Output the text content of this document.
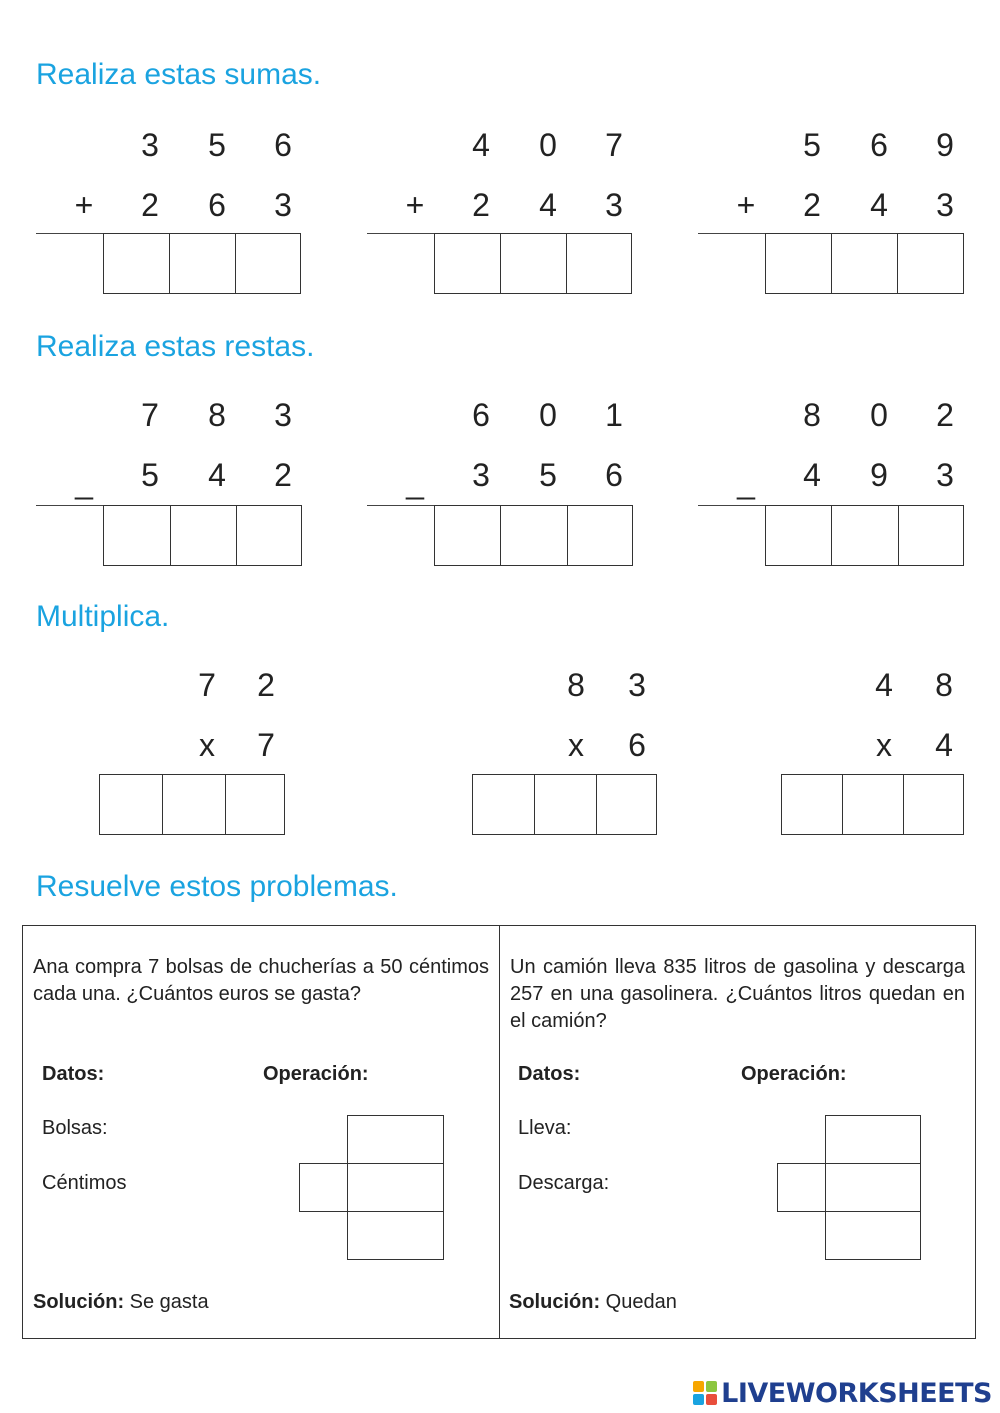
Realiza estas sumas.
Realiza estas restas.
Multiplica.
Resuelve estos problemas.
3	5	6
+	2	6	3
4	0	7
+	2	4	3
5	6	9
+	2	4	3
7	8	3
_	5	4	2
6	0	1
_	3	5	6
8	0	2
_	4	9	3
7	2
x	7
8	3
x	6
4	8
x	4
Ana compra 7 bolsas de chucherías a 50 céntimos cada una. ¿Cuántos euros se gasta?
Datos:	Operación:
Bolsas:
Céntimos
Solución: Se gasta
Un camión lleva 835 litros de gasolina y descarga 257 en una gasolinera. ¿Cuántos litros quedan en el camión?
Datos:	Operación:
Lleva:
Descarga:
Solución: Quedan
LIVEWORKSHEETS
